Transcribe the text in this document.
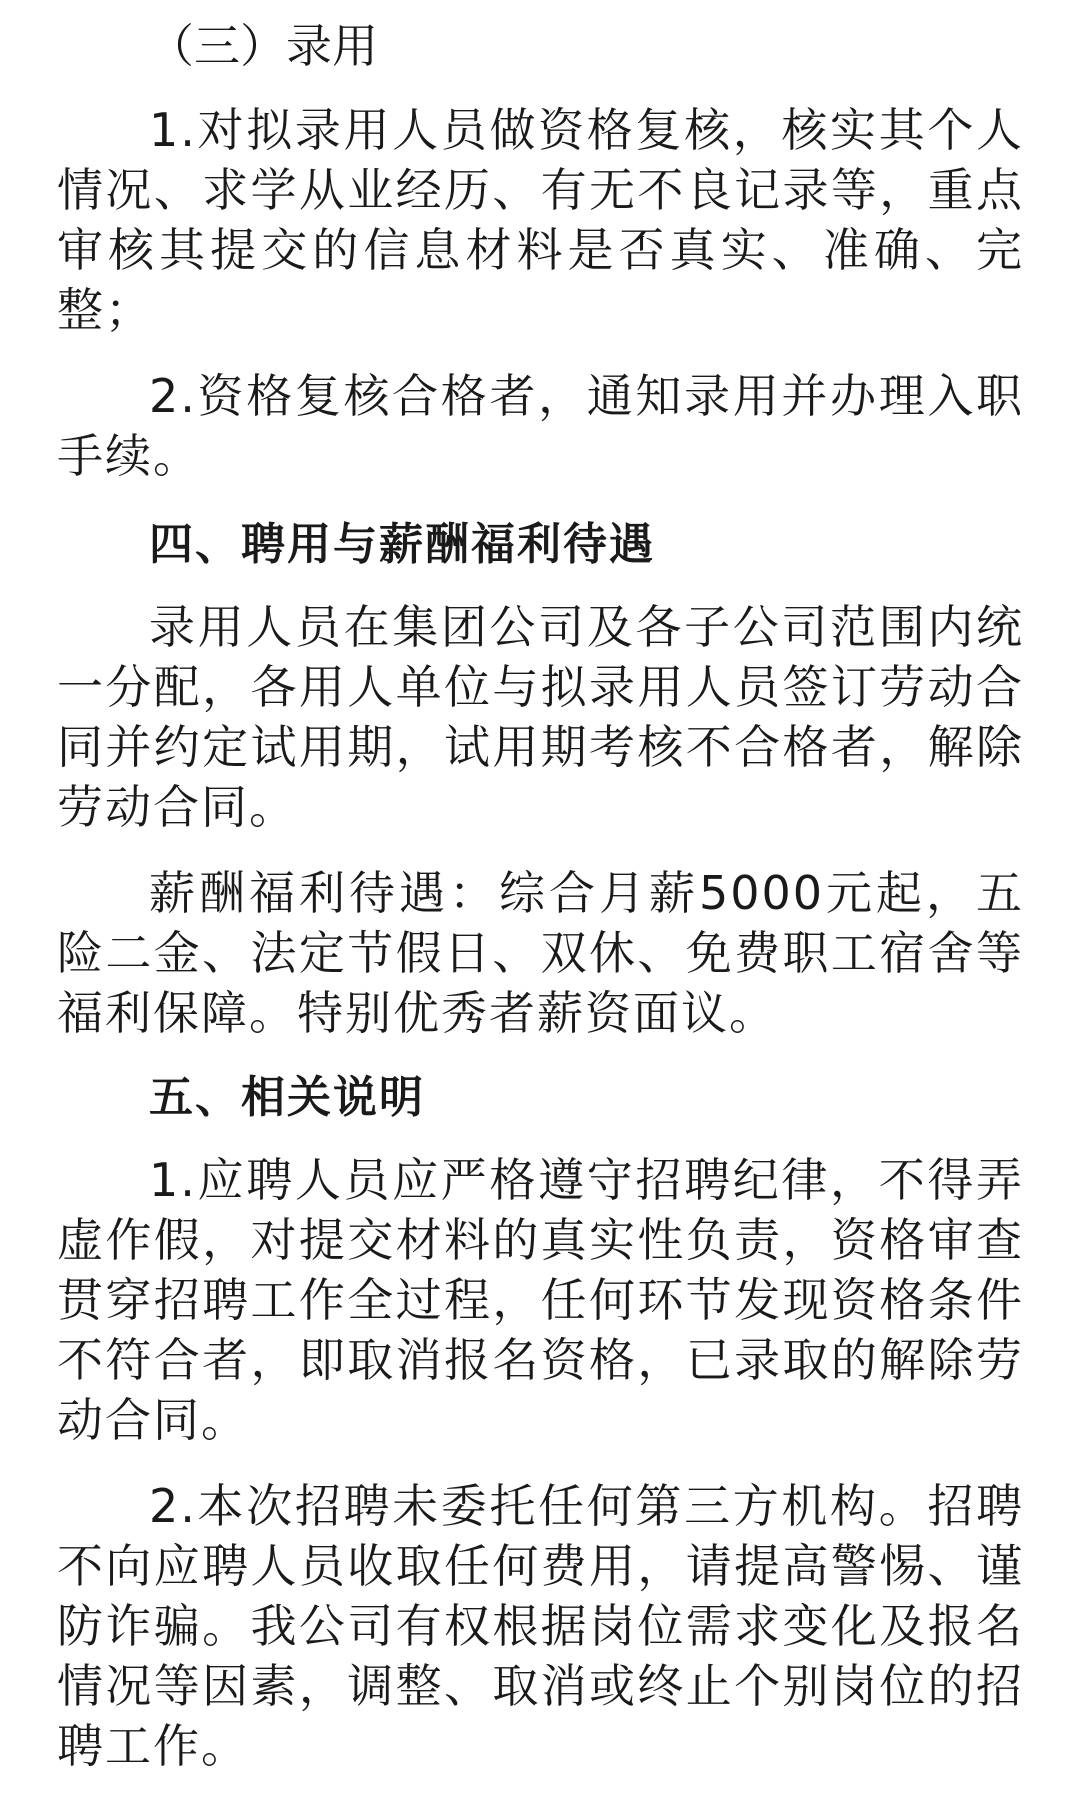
（三）录用

1.对拟录用人员做资格复核，核实其个人情况、求学从业经历、有无不良记录等，重点审核其提交的信息材料是否真实、准确、完整；

2.资格复核合格者，通知录用并办理入职手续。

四、聘用与薪酬福利待遇

录用人员在集团公司及各子公司范围内统一分配，各用人单位与拟录用人员签订劳动合同并约定试用期，试用期考核不合格者，解除劳动合同。

薪酬福利待遇：综合月薪5000元起，五险二金、法定节假日、双休、免费职工宿舍等福利保障。特别优秀者薪资面议。

五、相关说明

1.应聘人员应严格遵守招聘纪律，不得弄虚作假，对提交材料的真实性负责，资格审查贯穿招聘工作全过程，任何环节发现资格条件不符合者，即取消报名资格，已录取的解除劳动合同。

2.本次招聘未委托任何第三方机构。招聘不向应聘人员收取任何费用，请提高警惕、谨防诈骗。我公司有权根据岗位需求变化及报名情况等因素，调整、取消或终止个别岗位的招聘工作。
